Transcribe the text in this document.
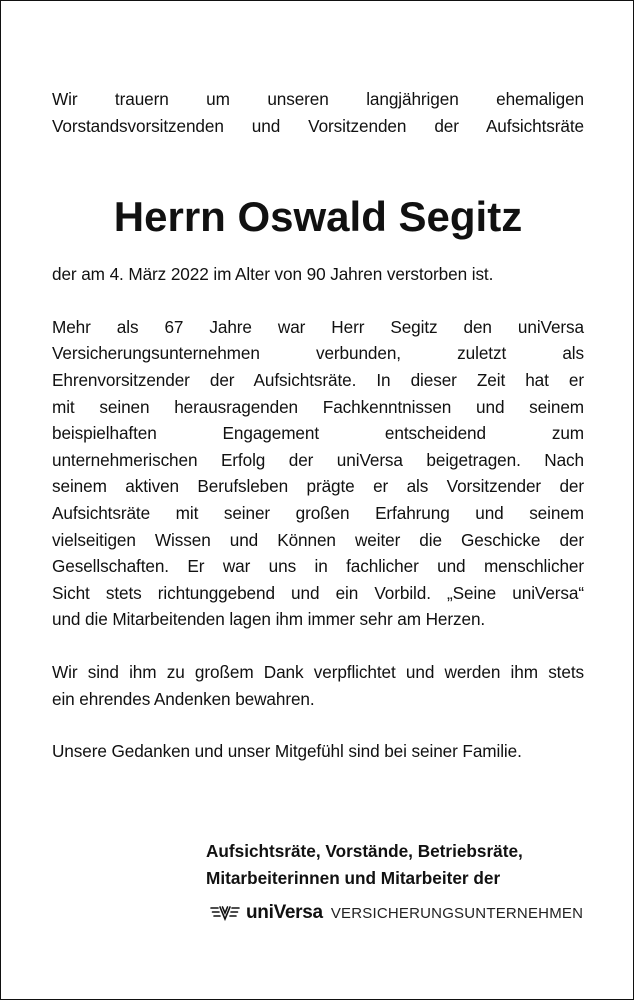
Wir trauern um unseren langjährigen ehemaligen

Vorstandsvorsitzenden und Vorsitzenden der Aufsichtsräte

Herrn Oswald Segitz

der am 4. März 2022 im Alter von 90 Jahren verstorben ist.

Mehr als 67 Jahre war Herr Segitz den uniVersa

Versicherungsunternehmen verbunden, zuletzt als

Ehrenvorsitzender der Aufsichtsräte. In dieser Zeit hat er

mit seinen herausragenden Fachkenntnissen und seinem

beispielhaften Engagement entscheidend zum

unternehmerischen Erfolg der uniVersa beigetragen. Nach

seinem aktiven Berufsleben prägte er als Vorsitzender der

Aufsichtsräte mit seiner großen Erfahrung und seinem

vielseitigen Wissen und Können weiter die Geschicke der

Gesellschaften. Er war uns in fachlicher und menschlicher

Sicht stets richtunggebend und ein Vorbild. „Seine uniVersa“

und die Mitarbeitenden lagen ihm immer sehr am Herzen.

Wir sind ihm zu großem Dank verpflichtet und werden ihm stets

ein ehrendes Andenken bewahren.

Unsere Gedanken und unser Mitgefühl sind bei seiner Familie.

Aufsichtsräte, Vorstände, Betriebsräte,
Mitarbeiterinnen und Mitarbeiter der
uniVersa VERSICHERUNGSUNTERNEHMEN
